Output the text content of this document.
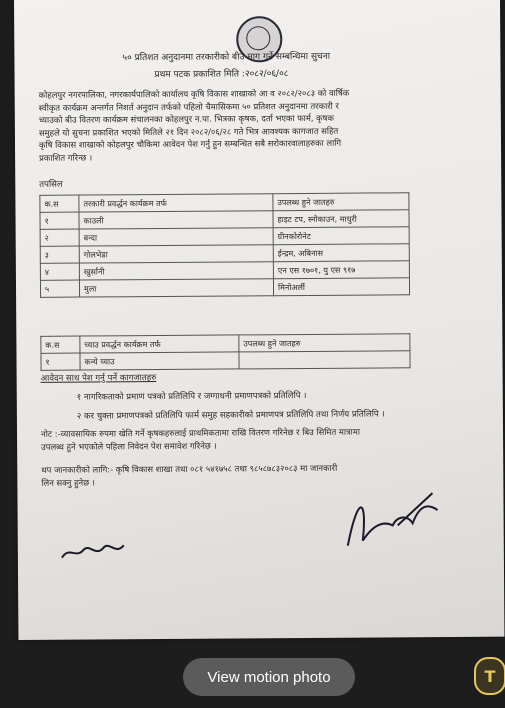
५० प्रतिशत अनुदानमा तरकारीको बीउ माग गर्ने सम्बन्धिमा सुचना
प्रथम पटक प्रकाशित मिति :२०८२/०६/०८
कोहलपुर नगरपालिका, नगरकार्यपालिको कार्यालय कृषि विकास शाखाको आ व २०८२/२०८३ को वार्षिक
स्वीकृत कार्यक्रम अन्तर्गत निशर्त अनुदान तर्फको पहिलो चैमासिकमा ५० प्रतिशत अनुदानमा तरकारी र
च्याउको बीउ वितरण कार्यक्रम संचालनका कोहलपुर न.पा. भित्रका कृषक, दर्ता भएका फार्म, कृषक
समुहले यो सुचना प्रकाशित भएको मितिले २१ दिन २०८२/०६/२८ गते भित्र आवश्यक कागजात सहित
कृषि विकास शाखाको कोहलपुर चौकिमा आवेदन पेश गर्नु हुन सम्बन्धित सबै सरोकारवालाहरुका लागि
प्रकाशित गरिन्छ ।
तपसिल
क.स	तरकारी प्रवर्द्धन कार्यक्रम तर्फ	उपलब्ध हुने जातहरु
१	काउली	हाइट टप, स्नोकाउन, माधुरी
२	बन्दा	ग्रीनकोरोनेट
३	गोलभेडा	ईन्द्रम, अबिनास
४	खुर्सानी	एन एस १७०१, यु एस ९१७
५	मुला	मिनोअर्ली
क.स	च्याउ प्रवर्द्धन कार्यक्रम तर्फ	उपलब्ध हुने जातहरु
१	कन्ये च्याउ	
आवेदन साथ पेश गर्नु पर्ने कागजातहरु
१ नागरिकताको प्रमाण पत्रको प्रतिलिपि र जग्गाधनी प्रमाणपत्रको प्रतिलिपि ।
२ कर चुक्ता प्रमाणपत्रको प्रतिलिपि फार्म समुह सहकारीको प्रमाणपत्र प्रतिलिपि तथा निर्णय प्रतिलिपि ।
नोट :-व्यावसायिक रुपमा खेति गर्ने कृषकहरुलाई प्राथमिकतामा राखि वितरण गरिनेछ र बिउ सिमित मात्रामा
उपलब्ध हुने भएकोले पहिला निवेदन पेश समावेश गरिनेछ ।
थप जानकारीको लागि:- कृषि विकास शाखा तथा ०८१ ५४१७५८ तथा ९८५८७८३२०८३ मा जानकारी
लिन सक्नु हुनेछ ।
View motion photo	T
